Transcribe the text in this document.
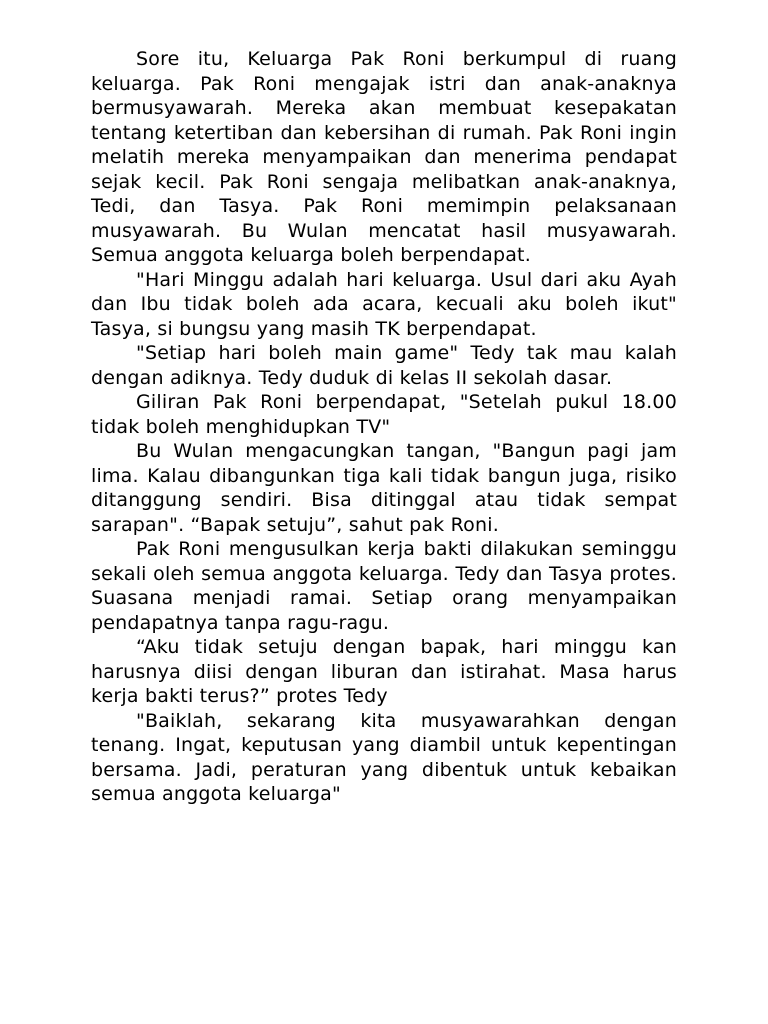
Sore itu, Keluarga Pak Roni berkumpul di ruang keluarga. Pak Roni mengajak istri dan anak-anaknya bermusyawarah. Mereka akan membuat kesepakatan tentang ketertiban dan kebersihan di rumah. Pak Roni ingin melatih mereka menyampaikan dan menerima pendapat sejak kecil. Pak Roni sengaja melibatkan anak-anaknya, Tedi, dan Tasya. Pak Roni memimpin pelaksanaan musyawarah. Bu Wulan mencatat hasil musyawarah. Semua anggota keluarga boleh berpendapat.

"Hari Minggu adalah hari keluarga. Usul dari aku Ayah dan Ibu tidak boleh ada acara, kecuali aku boleh ikut" Tasya, si bungsu yang masih TK berpendapat.

"Setiap hari boleh main game" Tedy tak mau kalah dengan adiknya. Tedy duduk di kelas II sekolah dasar.

Giliran Pak Roni berpendapat, "Setelah pukul 18.00 tidak boleh menghidupkan TV"

Bu Wulan mengacungkan tangan, "Bangun pagi jam lima. Kalau dibangunkan tiga kali tidak bangun juga, risiko ditanggung sendiri. Bisa ditinggal atau tidak sempat sarapan". “Bapak setuju”, sahut pak Roni.

Pak Roni mengusulkan kerja bakti dilakukan seminggu sekali oleh semua anggota keluarga. Tedy dan Tasya protes. Suasana menjadi ramai. Setiap orang menyampaikan pendapatnya tanpa ragu-ragu.

“Aku tidak setuju dengan bapak, hari minggu kan harusnya diisi dengan liburan dan istirahat. Masa harus kerja bakti terus?” protes Tedy

"Baiklah, sekarang kita musyawarahkan dengan tenang. Ingat, keputusan yang diambil untuk kepentingan bersama. Jadi, peraturan yang dibentuk untuk kebaikan semua anggota keluarga"
